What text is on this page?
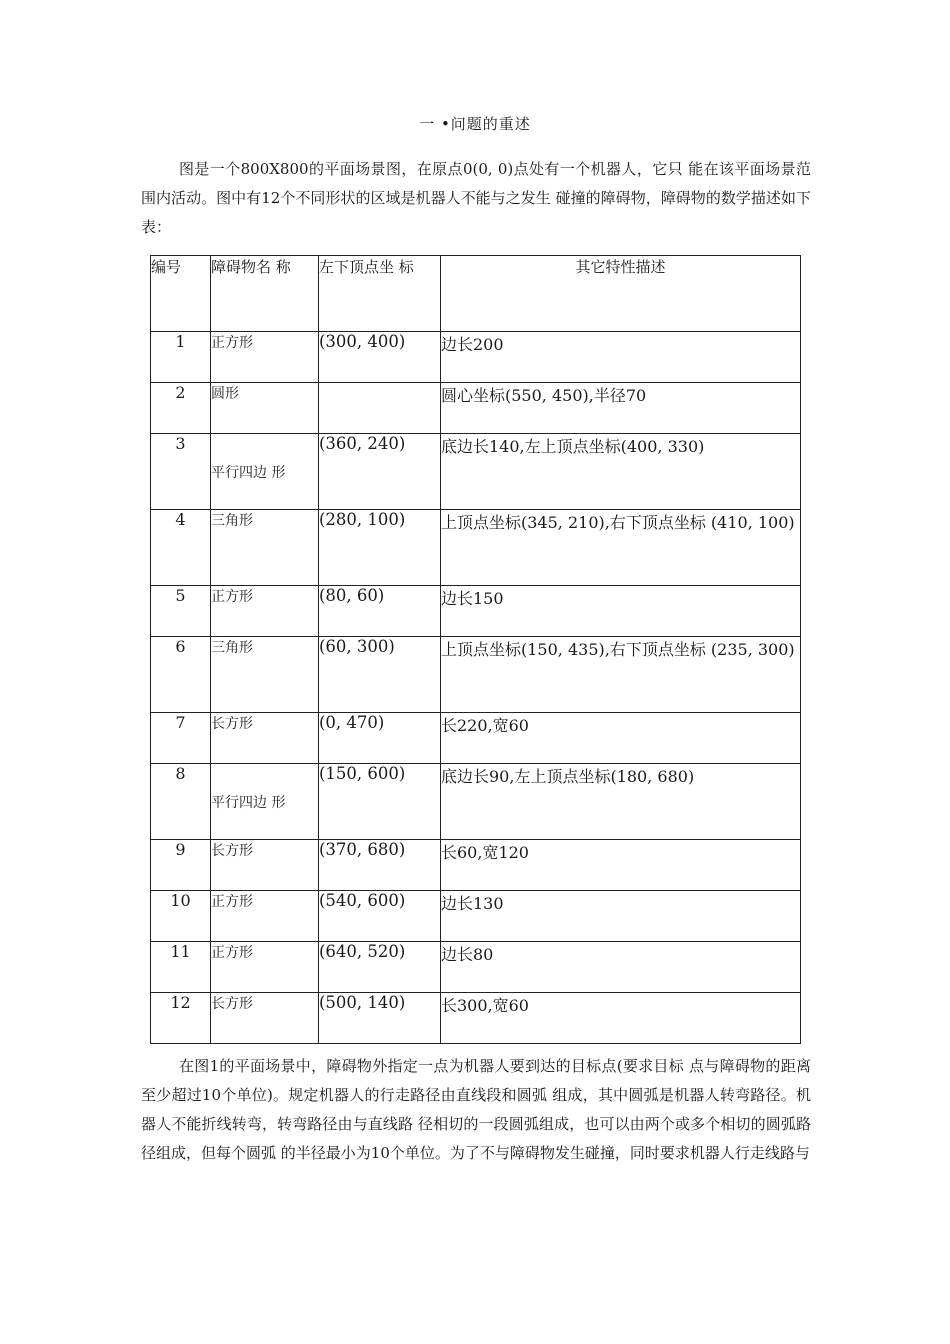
一 •问题的重述

图是一个800X800的平面场景图，在原点0(0, 0)点处有一个机器人，它只 能在该平面场景范围内活动。图中有12个不同形状的区域是机器人不能与之发生 碰撞的障碍物，障碍物的数学描述如下表：

编号	障碍物名 称	左下顶点坐 标	其它特性描述
1	正方形	(300, 400)	边长200
2	圆形		圆心坐标(550, 450),半径70
3	平行四边 形	(360, 240)	底边长140,左上顶点坐标(400, 330)
4	三角形	(280, 100)	上顶点坐标(345, 210),右下顶点坐标 (410, 100)
5	正方形	(80, 60)	边长150
6	三角形	(60, 300)	上顶点坐标(150, 435),右下顶点坐标 (235, 300)
7	长方形	(0, 470)	长220,宽60
8	平行四边 形	(150, 600)	底边长90,左上顶点坐标(180, 680)
9	长方形	(370, 680)	长60,宽120
10	正方形	(540, 600)	边长130
11	正方形	(640, 520)	边长80
12	长方形	(500, 140)	长300,宽60

在图1的平面场景中，障碍物外指定一点为机器人要到达的目标点(要求目标 点与障碍物的距离至少超过10个单位)。规定机器人的行走路径由直线段和圆弧 组成，其中圆弧是机器人转弯路径。机器人不能折线转弯，转弯路径由与直线路 径相切的一段圆弧组成，也可以由两个或多个相切的圆弧路径组成，但每个圆弧 的半径最小为10个单位。为了不与障碍物发生碰撞，同时要求机器人行走线路与
